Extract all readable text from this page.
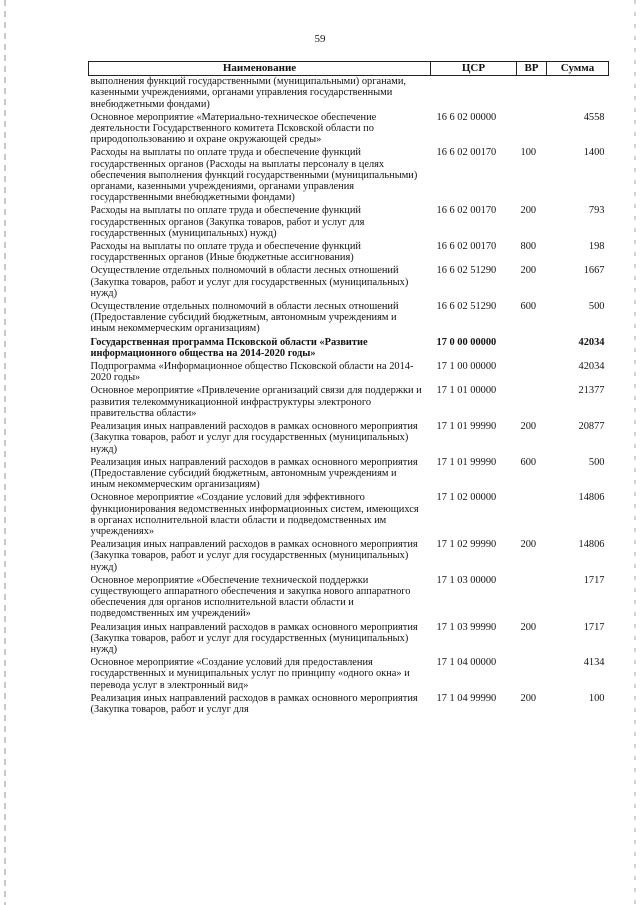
59
Наименование	ЦСР	ВР	Сумма
выполнения функций государственными (муниципальными) органами, казенными учреждениями, органами управления государственными внебюджетными фондами)			
Основное мероприятие «Материально-техническое обеспечение деятельности Государственного комитета Псковской области по природопользованию и охране окружающей среды»	16 6 02 00000		4558
Расходы на выплаты по оплате труда и обеспечение функций государственных органов (Расходы на выплаты персоналу в целях обеспечения выполнения функций государственными (муниципальными) органами, казенными учреждениями, органами управления государственными внебюджетными фондами)	16 6 02 00170	100	1400
Расходы на выплаты по оплате труда и обеспечение функций государственных органов (Закупка товаров, работ и услуг для государственных (муниципальных) нужд)	16 6 02 00170	200	793
Расходы на выплаты по оплате труда и обеспечение функций государственных органов (Иные бюджетные ассигнования)	16 6 02 00170	800	198
Осуществление отдельных полномочий в области лесных отношений (Закупка товаров, работ и услуг для государственных (муниципальных) нужд)	16 6 02 51290	200	1667
Осуществление отдельных полномочий в области лесных отношений (Предоставление субсидий бюджетным, автономным учреждениям и иным некоммерческим организациям)	16 6 02 51290	600	500
Государственная программа Псковской области «Развитие информационного общества на 2014-2020 годы»	17 0 00 00000		42034
Подпрограмма «Информационное общество Псковской области на 2014-2020 годы»	17 1 00 00000		42034
Основное мероприятие «Привлечение организаций связи для поддержки и развития телекоммуникационной инфраструктуры электроного правительства области»	17 1 01 00000		21377
Реализация иных направлений расходов в рамках основного мероприятия (Закупка товаров, работ и услуг для государственных (муниципальных) нужд)	17 1 01 99990	200	20877
Реализация иных направлений расходов в рамках основного мероприятия (Предоставление субсидий бюджетным, автономным учреждениям и иным некоммерческим организациям)	17 1 01 99990	600	500
Основное мероприятие «Создание условий для эффективного функционирования ведомственных информационных систем, имеющихся в органах исполнительной власти области и подведомственных им учреждениях»	17 1 02 00000		14806
Реализация иных направлений расходов в рамках основного мероприятия (Закупка товаров, работ и услуг для государственных (муниципальных) нужд)	17 1 02 99990	200	14806
Основное мероприятие «Обеспечение технической поддержки существующего аппаратного обеспечения и закупка нового аппаратного обеспечения для органов исполнительной власти области и подведомственных им учреждений»	17 1 03 00000		1717
Реализация иных направлений расходов в рамках основного мероприятия (Закупка товаров, работ и услуг для государственных (муниципальных) нужд)	17 1 03 99990	200	1717
Основное мероприятие «Создание условий для предоставления государственных и муниципальных услуг по принципу «одного окна» и перевода услуг в электронный вид»	17 1 04 00000		4134
Реализация иных направлений расходов в рамках основного мероприятия (Закупка товаров, работ и услуг для	17 1 04 99990	200	100
